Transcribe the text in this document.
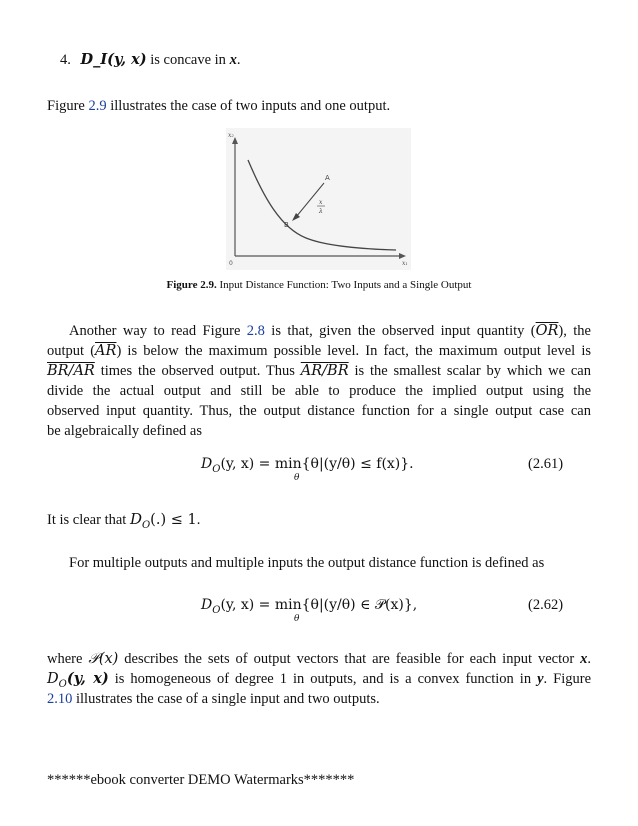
4. D_I(y, x) is concave in x.
Figure 2.9 illustrates the case of two inputs and one output.
A
B
x
λ
x₂
x₁
0
Figure 2.9. Input Distance Function: Two Inputs and a Single Output
Another way to read Figure 2.8 is that, given the observed input quantity $(\overline{OR})$, the
output $(\overline{AR})$ is below the maximum possible level. In fact, the maximum output level is
BR/AR times the observed output. Thus AR/BR is the smallest scalar by which we can
divide the actual output and still be able to produce the implied output using the
observed input quantity. Thus, the output distance function for a single output case can
be algebraically defined as
$D_O(y$, x) = min{θ|(y/θ) ≤ f(x)}.
θ
(2.61)
It is clear that $D_O(.) \le 1$.
For multiple outputs and multiple inputs the output distance function is defined as
$D_O(y$, x) = min{θ|(y/θ) ∈ 𝒫(x)},
θ
(2.62)
where 𝒫(x) describes the sets of output vectors that are feasible for each input vector x.
$D_O(y$, x) is homogeneous of degree 1 in outputs, and is a convex function in y. Figure
2.10 illustrates the case of a single input and two outputs.
******ebook converter DEMO Watermarks*******
